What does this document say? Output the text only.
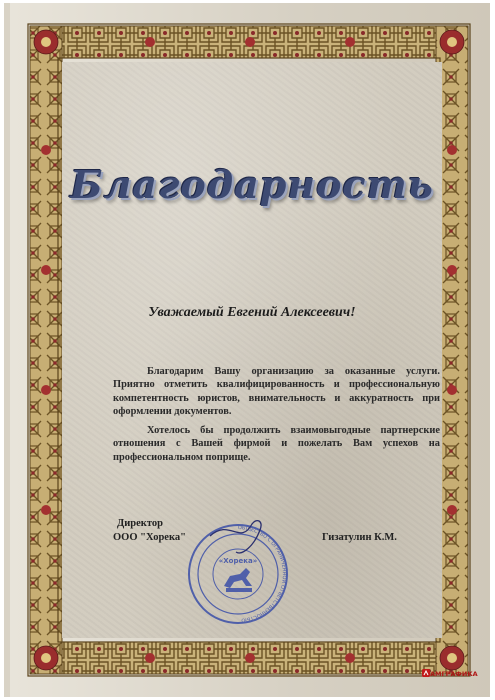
Благодарность
Уважаемый Евгений Алексеевич!
Благодарим Вашу организацию за оказанные услуги. Приятно отметить квалифицированность и профессиональную компетентность юристов, внимательность и аккуратность при оформлении документов.
Хотелось бы продолжить взаимовыгодные партнерские отношения с Вашей фирмой и пожелать Вам успехов на профессиональном поприще.
Директор
ООО "Хорека"	Гизатулин К.М.
ОБЩЕСТВО С ОГРАНИЧЕННОЙ ОТВЕТСТВЕННОСТЬЮ
«Хорека»
АМГРАФИКА
